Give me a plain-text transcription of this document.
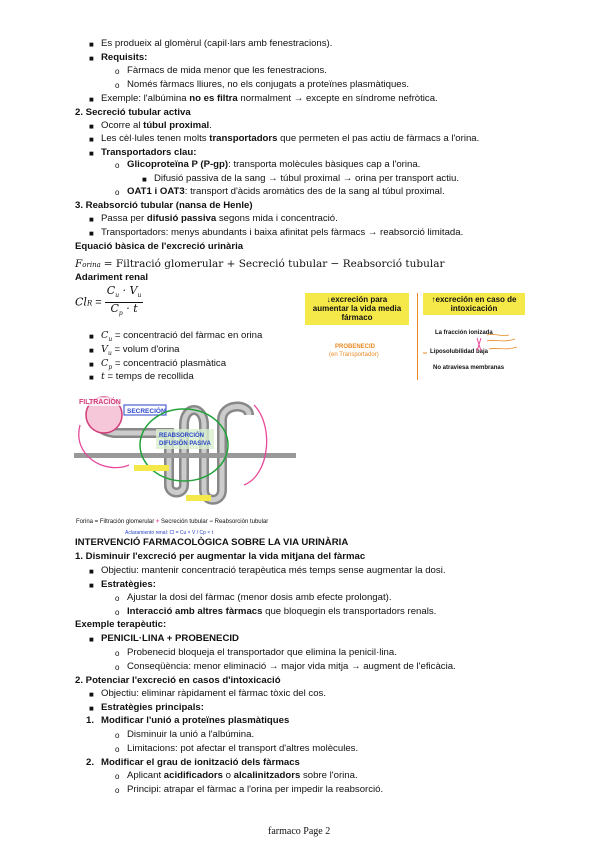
■ Es produeix al glomèrul (capil·lars amb fenestracions).
■ Requisits:
o Fàrmacs de mida menor que les fenestracions.
o Només fàrmacs lliures, no els conjugats a proteïnes plasmàtiques.
■ Exemple: l'albúmina no es filtra normalment → excepte en síndrome nefròtica.
2. Secreció tubular activa
■ Ocorre al túbul proximal.
■ Les cèl·lules tenen molts transportadors que permeten el pas actiu de fàrmacs a l'orina.
■ Transportadors clau:
o Glicoproteïna P (P-gp): transporta molècules bàsiques cap a l'orina.
■ Difusió passiva de la sang → túbul proximal → orina per transport actiu.
o OAT1 i OAT3: transport d'àcids aromàtics des de la sang al túbul proximal.
3. Reabsorció tubular (nansa de Henle)
■ Passa per difusió passiva segons mida i concentració.
■ Transportadors: menys abundants i baixa afinitat pels fàrmacs → reabsorció limitada.
Equació bàsica de l'excreció urinària
Forina = Filtració glomerular + Secreció tubular − Reabsorció tubular
Adariment renal
ClR = $\frac{C_u \cdot V_u}{C_p \cdot t}$
■ $C_u$ = concentració del fàrmac en orina
■ $V_u$ = volum d'orina
■ $C_p$ = concentració plasmàtica
■ t = temps de recollida
FILTRACIÓN
SECRECIÓN
REABSORCIÓN
DIFUSIÓN PASIVA
Forina = Filtración glomerular + Secreción tubular − Reabsorción tubular
Aclaramiento renal: Cl = Cu × V / Cp × t
↓excreción para aumentar la vida media fármaco
↑excreción en caso de intoxicación
PROBENECID
(en Transportador)
La fracción ionizada
Liposolubilidad baja
No atraviesa membranas
INTERVENCIÓ FARMACOLÒGICA SOBRE LA VIA URINÀRIA
1. Disminuir l'excreció per augmentar la vida mitjana del fàrmac
■ Objectiu: mantenir concentració terapèutica més temps sense augmentar la dosi.
■ Estratègies:
o Ajustar la dosi del fàrmac (menor dosis amb efecte prolongat).
o Interacció amb altres fàrmacs que bloquegin els transportadors renals.
Exemple terapèutic:
■ PENICIL·LINA + PROBENECID
o Probenecid bloqueja el transportador que elimina la penicil·lina.
o Conseqüència: menor eliminació → major vida mitja → augment de l'eficàcia.
2. Potenciar l'excreció en casos d'intoxicació
■ Objectiu: eliminar ràpidament el fàrmac tòxic del cos.
■ Estratègies principals:
1. Modificar l'unió a proteïnes plasmàtiques
o Disminuir la unió a l'albúmina.
o Limitacions: pot afectar el transport d'altres molècules.
2. Modificar el grau de ionització dels fàrmacs
o Aplicant acidificadors o alcalinitzadors sobre l'orina.
o Principi: atrapar el fàrmac a l'orina per impedir la reabsorció.
farmaco Page 2
